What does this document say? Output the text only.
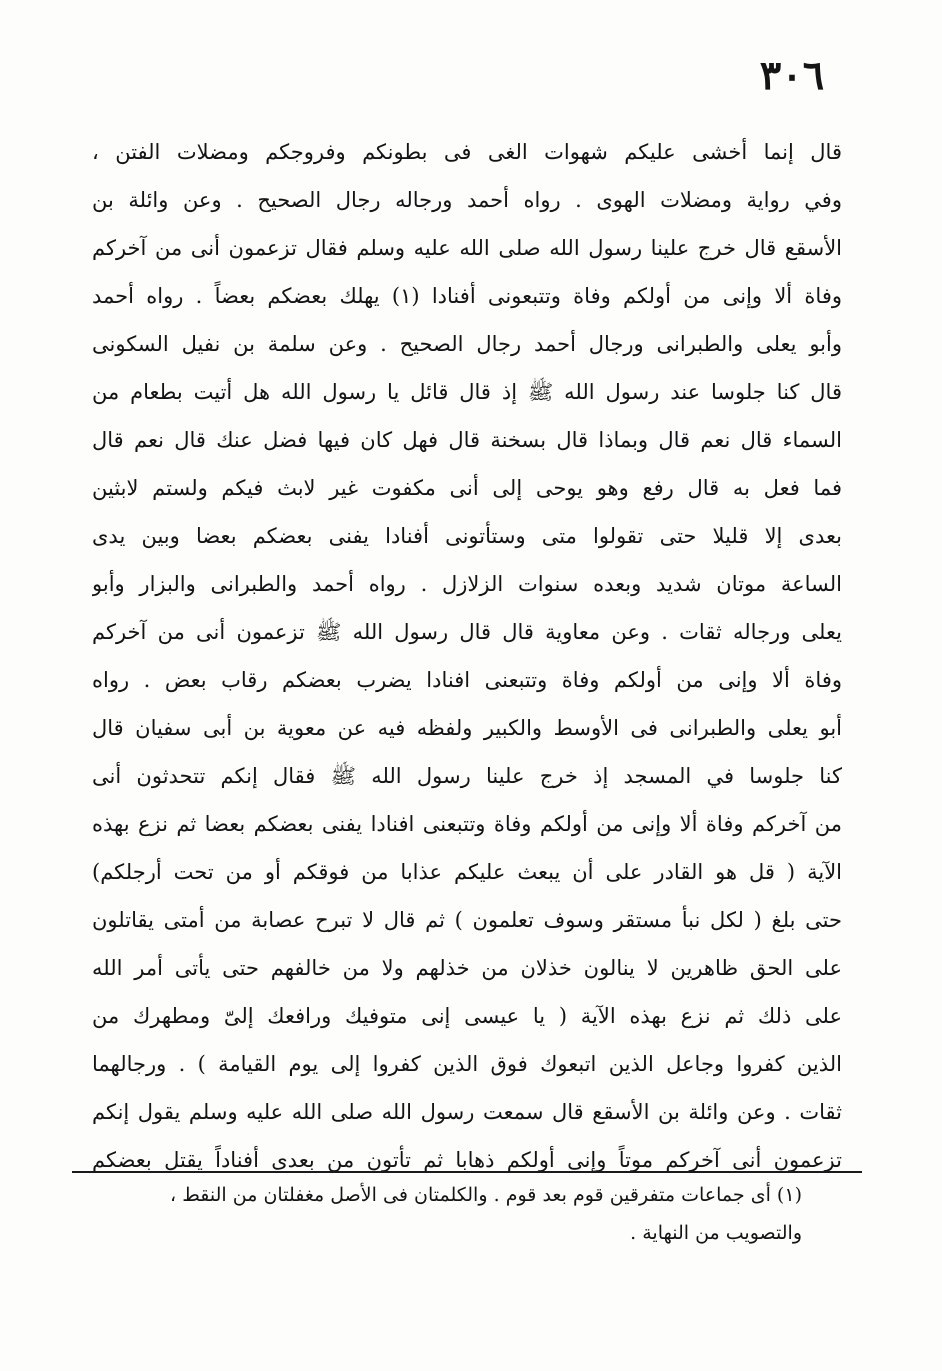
٣٠٦
قال إنما أخشى عليكم شهوات الغى فى بطونكم وفروجكم ومضلات الفتن ،
وفي رواية ومضلات الهوى . رواه أحمد ورجاله رجال الصحيح . وعن وائلة بن
الأسقع قال خرج علينا رسول الله صلى الله عليه وسلم فقال تزعمون أنى من آخركم
وفاة ألا وإنى من أولكم وفاة وتتبعونى أفنادا (١) يهلك بعضكم بعضاً . رواه أحمد
وأبو يعلى والطبرانى ورجال أحمد رجال الصحيح . وعن سلمة بن نفيل السكونى
قال كنا جلوسا عند رسول الله ﷺ إذ قال قائل يا رسول الله هل أتيت بطعام من
السماء قال نعم قال وبماذا قال بسخنة قال فهل كان فيها فضل عنك قال نعم قال
فما فعل به قال رفع وهو يوحى إلى أنى مكفوت غير لابث فيكم ولستم لابثين
بعدى إلا قليلا حتى تقولوا متى وستأتونى أفنادا يفنى بعضكم بعضا وبين يدى
الساعة موتان شديد وبعده سنوات الزلازل . رواه أحمد والطبرانى والبزار وأبو
يعلى ورجاله ثقات . وعن معاوية قال قال رسول الله ﷺ تزعمون أنى من آخركم
وفاة ألا وإنى من أولكم وفاة وتتبعنى افنادا يضرب بعضكم رقاب بعض . رواه
أبو يعلى والطبرانى فى الأوسط والكبير ولفظه فيه عن معوية بن أبى سفيان قال
كنا جلوسا في المسجد إذ خرج علينا رسول الله ﷺ فقال إنكم تتحدثون أنى
من آخركم وفاة ألا وإنى من أولكم وفاة وتتبعنى افنادا يفنى بعضكم بعضا ثم نزع بهذه
الآية ( قل هو القادر على أن يبعث عليكم عذابا من فوقكم أو من تحت أرجلكم)
حتى بلغ ( لكل نبأ مستقر وسوف تعلمون ) ثم قال لا تبرح عصابة من أمتى يقاتلون
على الحق ظاهرين لا ينالون خذلان من خذلهم ولا من خالفهم حتى يأتى أمر الله
على ذلك ثم نزع بهذه الآية ( يا عيسى إنى متوفيك ورافعك إلىّ ومطهرك من
الذين كفروا وجاعل الذين اتبعوك فوق الذين كفروا إلى يوم القيامة ) . ورجالهما
ثقات . وعن وائلة بن الأسقع قال سمعت رسول الله صلى الله عليه وسلم يقول إنكم
تزعمون أنى آخركم موتاً وإنى أولكم ذهابا ثم تأتون من بعدى أفناداً يقتل بعضكم
(١) أى جماعات متفرقين قوم بعد قوم . والكلمتان فى الأصل مغفلتان من النقط ،
والتصويب من النهاية .
